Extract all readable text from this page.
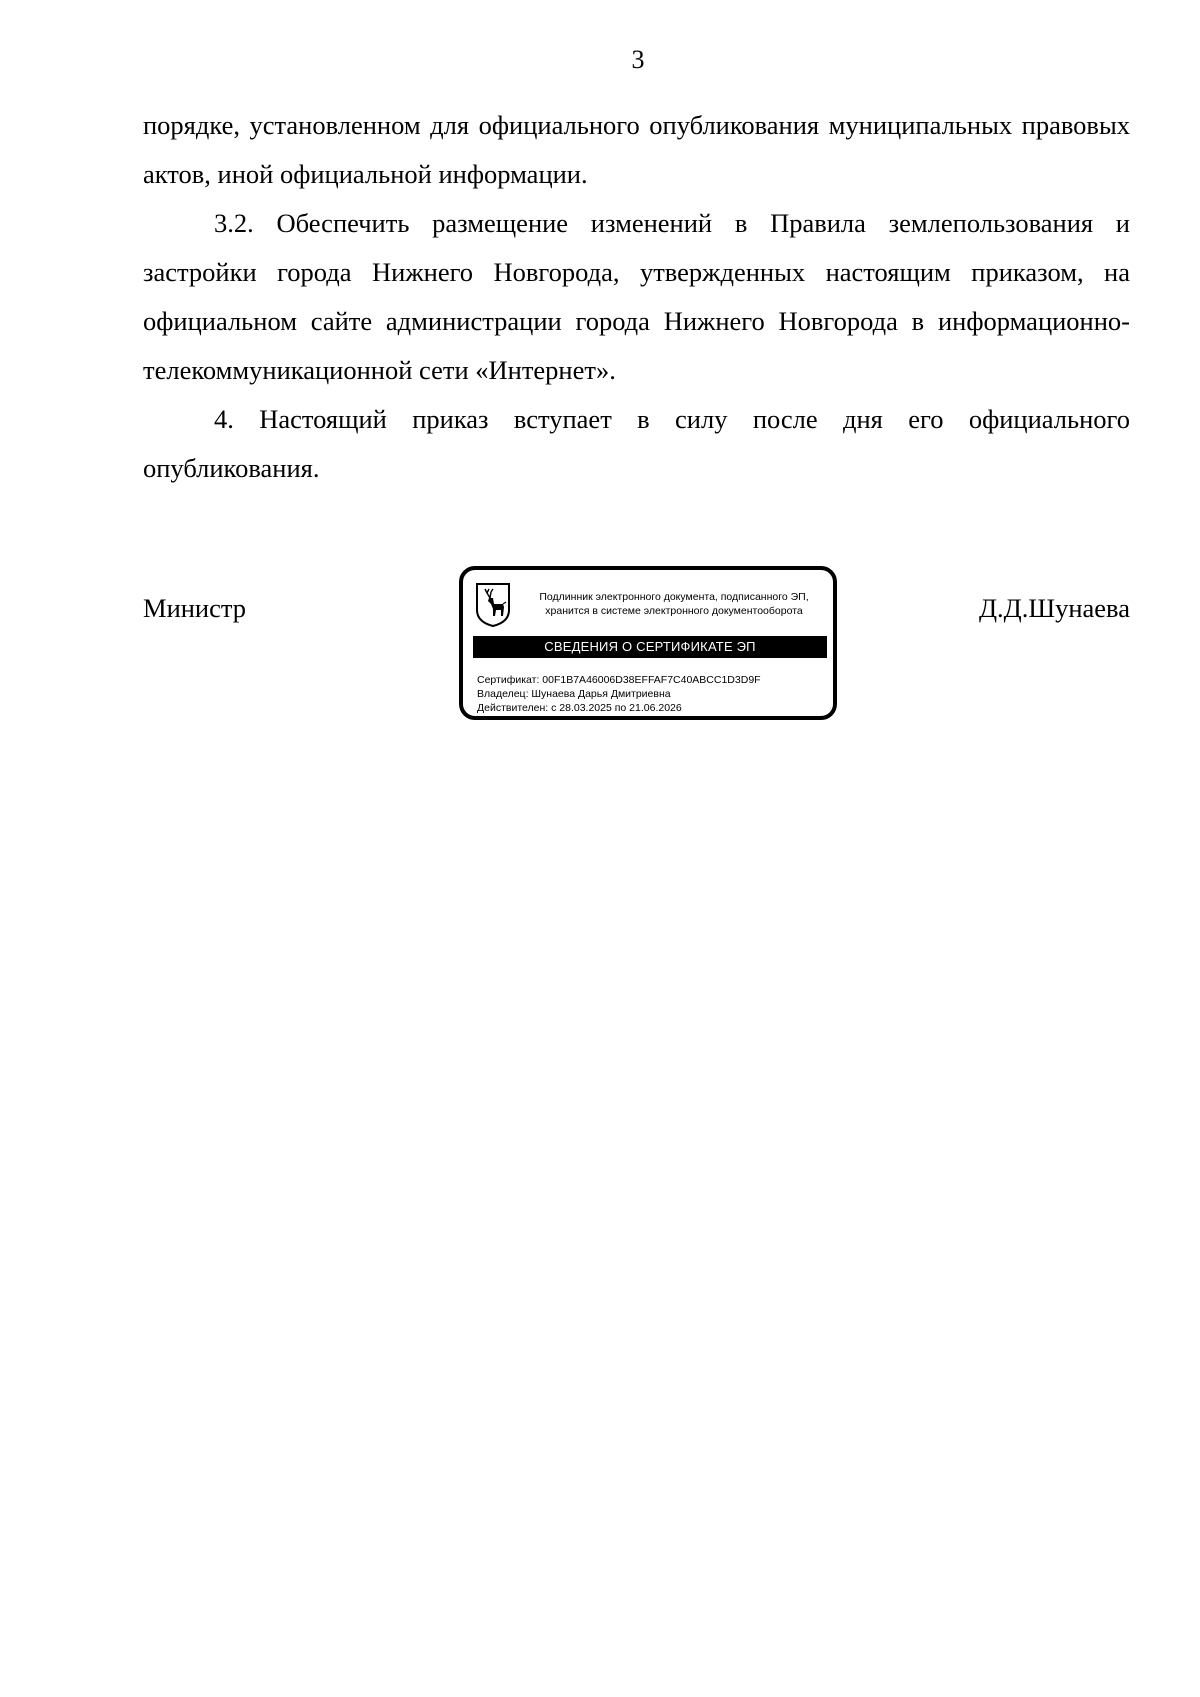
3

порядке, установленном для официального опубликования муниципальных правовых актов, иной официальной информации.

3.2. Обеспечить размещение изменений в Правила землепользования и застройки города Нижнего Новгорода, утвержденных настоящим приказом, на официальном сайте администрации города Нижнего Новгорода в информационно-телекоммуникационной сети «Интернет».

4. Настоящий приказ вступает в силу после дня его официального опубликования.

Министр	Подлинник электронного документа, подписанного ЭП,
хранится в системе электронного документооборота
СВЕДЕНИЯ О СЕРТИФИКАТЕ ЭП
Сертификат: 00F1B7A46006D38EFFAF7C40ABCC1D3D9F
Владелец: Шунаева Дарья Дмитриевна
Действителен: с 28.03.2025 по 21.06.2026
Д.Д.Шунаева
